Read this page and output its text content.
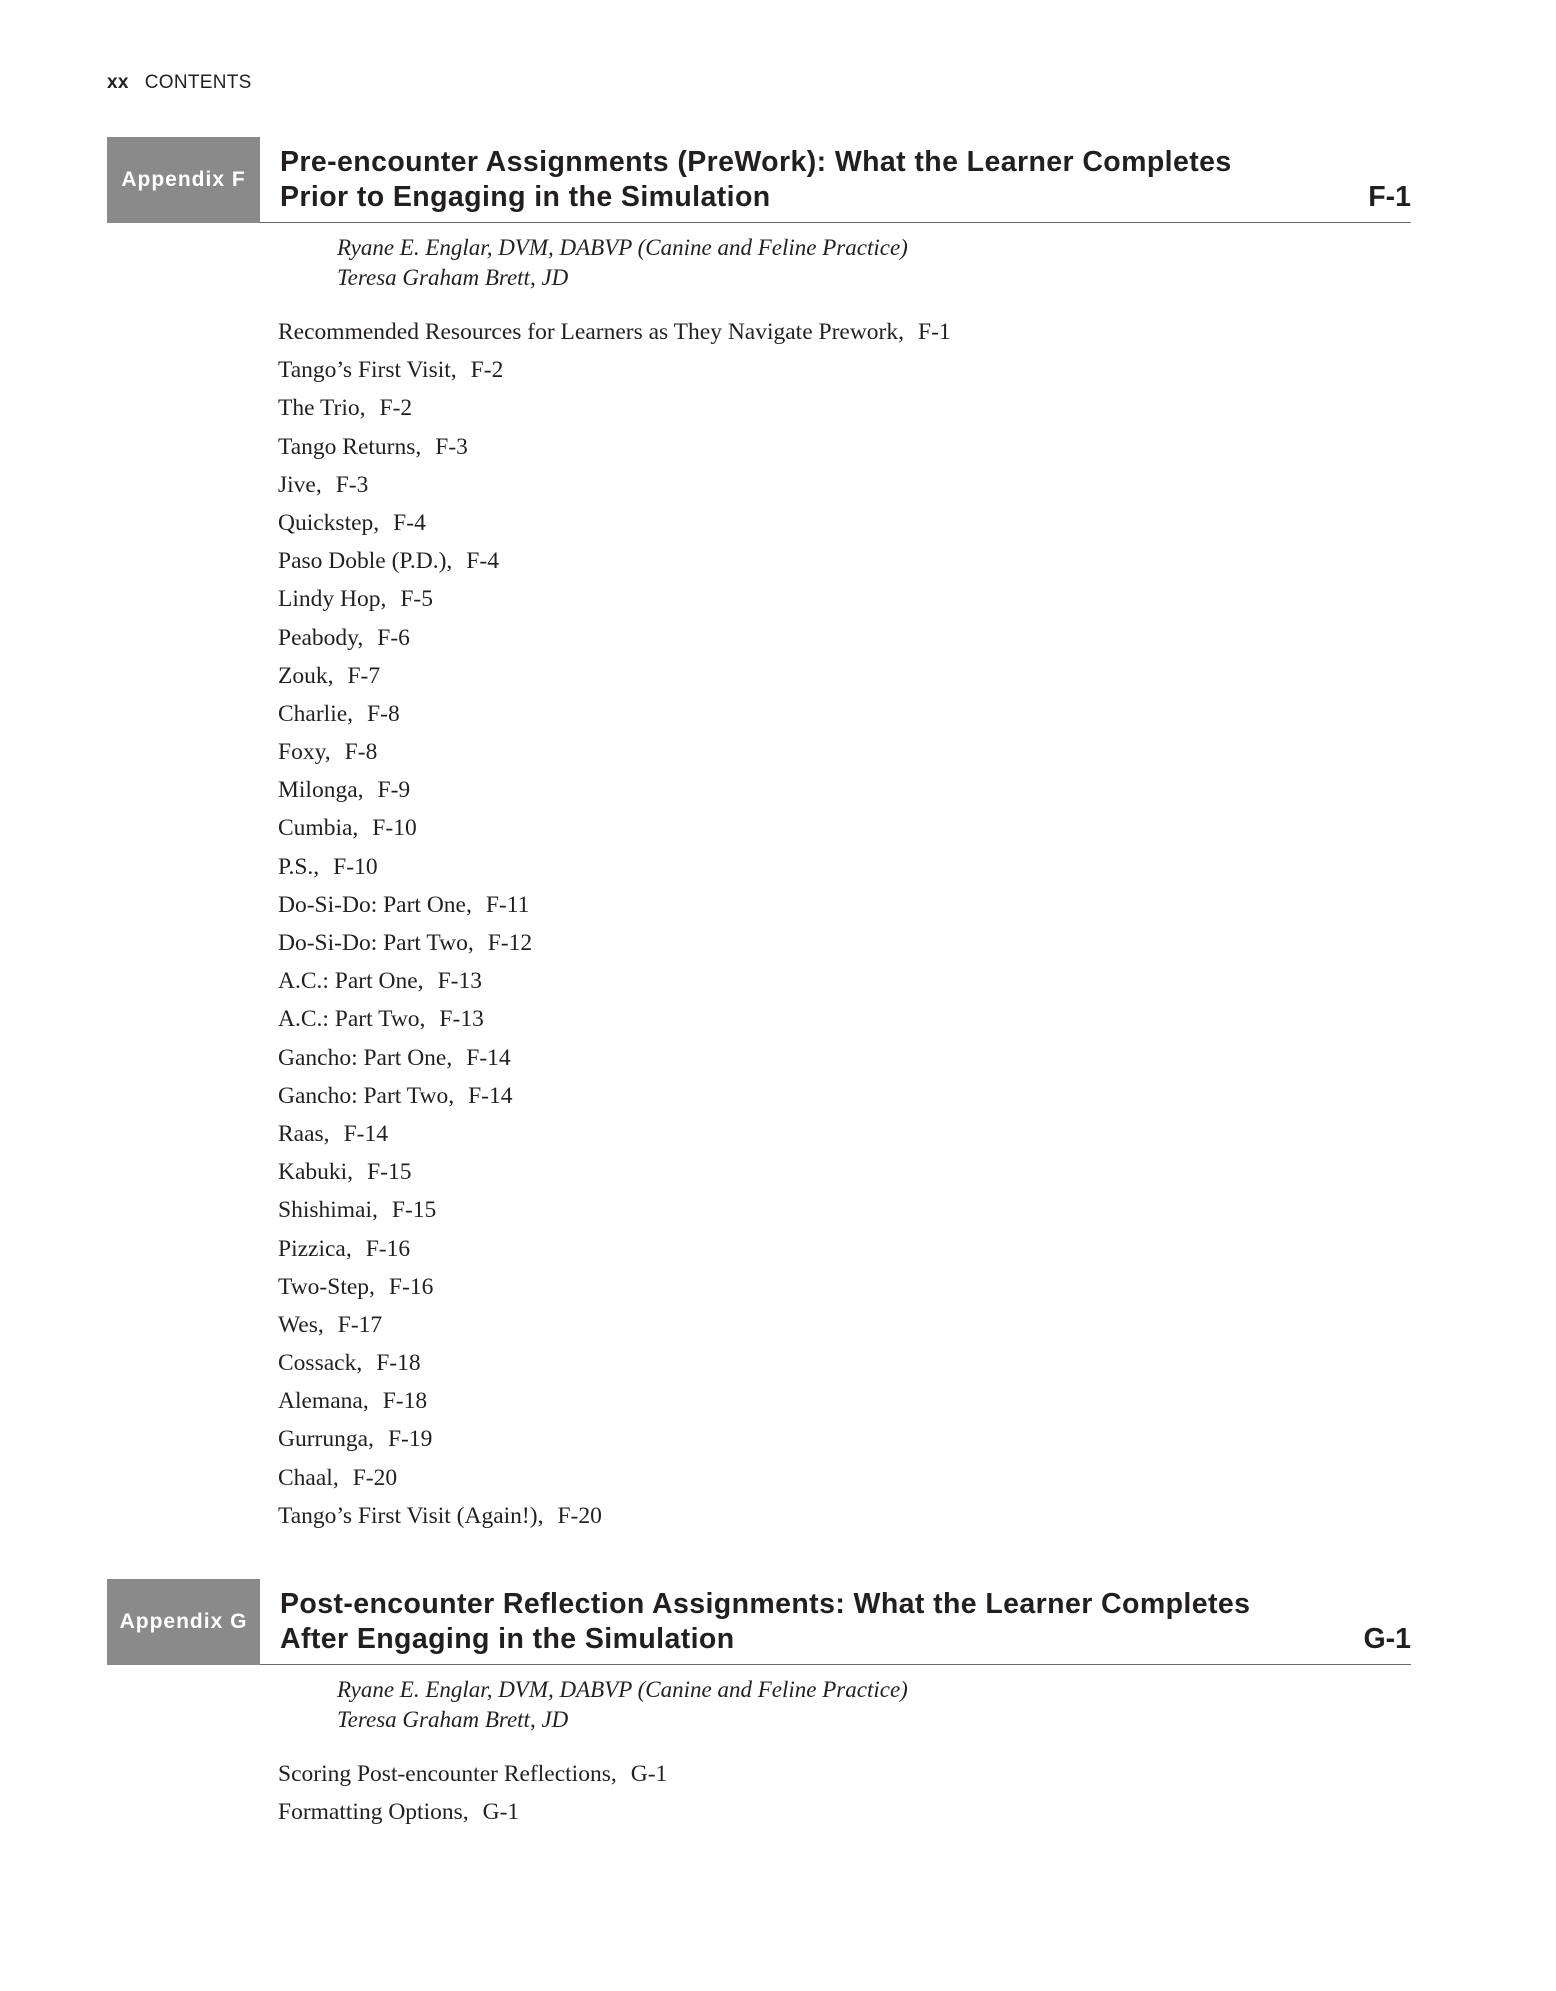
xx CONTENTS
Appendix F
Pre-encounter Assignments (PreWork): What the Learner Completes
Prior to Engaging in the Simulation	F-1
Ryane E. Englar, DVM, DABVP (Canine and Feline Practice)
Teresa Graham Brett, JD
Recommended Resources for Learners as They Navigate Prework, F-1
Tango’s First Visit, F-2
The Trio, F-2
Tango Returns, F-3
Jive, F-3
Quickstep, F-4
Paso Doble (P.D.), F-4
Lindy Hop, F-5
Peabody, F-6
Zouk, F-7
Charlie, F-8
Foxy, F-8
Milonga, F-9
Cumbia, F-10
P.S., F-10
Do-Si-Do: Part One, F-11
Do-Si-Do: Part Two, F-12
A.C.: Part One, F-13
A.C.: Part Two, F-13
Gancho: Part One, F-14
Gancho: Part Two, F-14
Raas, F-14
Kabuki, F-15
Shishimai, F-15
Pizzica, F-16
Two-Step, F-16
Wes, F-17
Cossack, F-18
Alemana, F-18
Gurrunga, F-19
Chaal, F-20
Tango’s First Visit (Again!), F-20
Appendix G
Post-encounter Reflection Assignments: What the Learner Completes
After Engaging in the Simulation	G-1
Ryane E. Englar, DVM, DABVP (Canine and Feline Practice)
Teresa Graham Brett, JD
Scoring Post-encounter Reflections, G-1
Formatting Options, G-1
